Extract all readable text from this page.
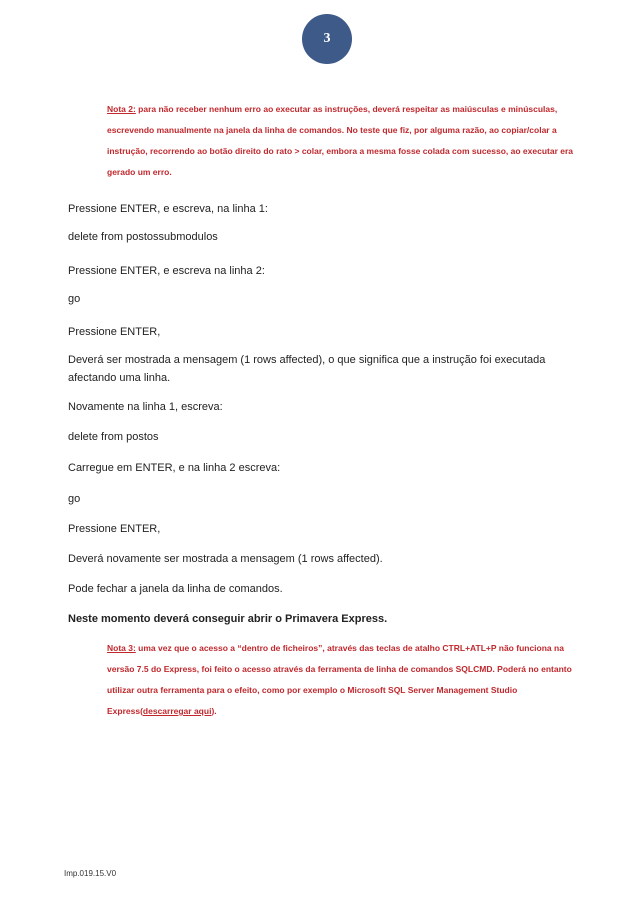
3
Nota 2: para não receber nenhum erro ao executar as instruções, deverá respeitar as maiúsculas e minúsculas, escrevendo manualmente na janela da linha de comandos. No teste que fiz, por alguma razão, ao copiar/colar a instrução, recorrendo ao botão direito do rato > colar, embora a mesma fosse colada com sucesso, ao executar era gerado um erro.
Pressione ENTER, e escreva, na linha 1:
delete from postossubmodulos
Pressione ENTER, e escreva na linha 2:
go
Pressione ENTER,
Deverá ser mostrada a mensagem (1 rows affected), o que significa que a instrução foi executada afectando uma linha.
Novamente na linha 1, escreva:
delete from postos
Carregue em ENTER, e na linha 2 escreva:
go
Pressione ENTER,
Deverá novamente ser mostrada a mensagem (1 rows affected).
Pode fechar a janela da linha de comandos.
Neste momento deverá conseguir abrir o Primavera Express.
Nota 3: uma vez que o acesso a “dentro de ficheiros”, através das teclas de atalho CTRL+ATL+P não funciona na versão 7.5 do Express, foi feito o acesso através da ferramenta de linha de comandos SQLCMD. Poderá no entanto utilizar outra ferramenta para o efeito, como por exemplo o Microsoft SQL Server Management Studio Express(descarregar aqui).
Imp.019.15.V0
